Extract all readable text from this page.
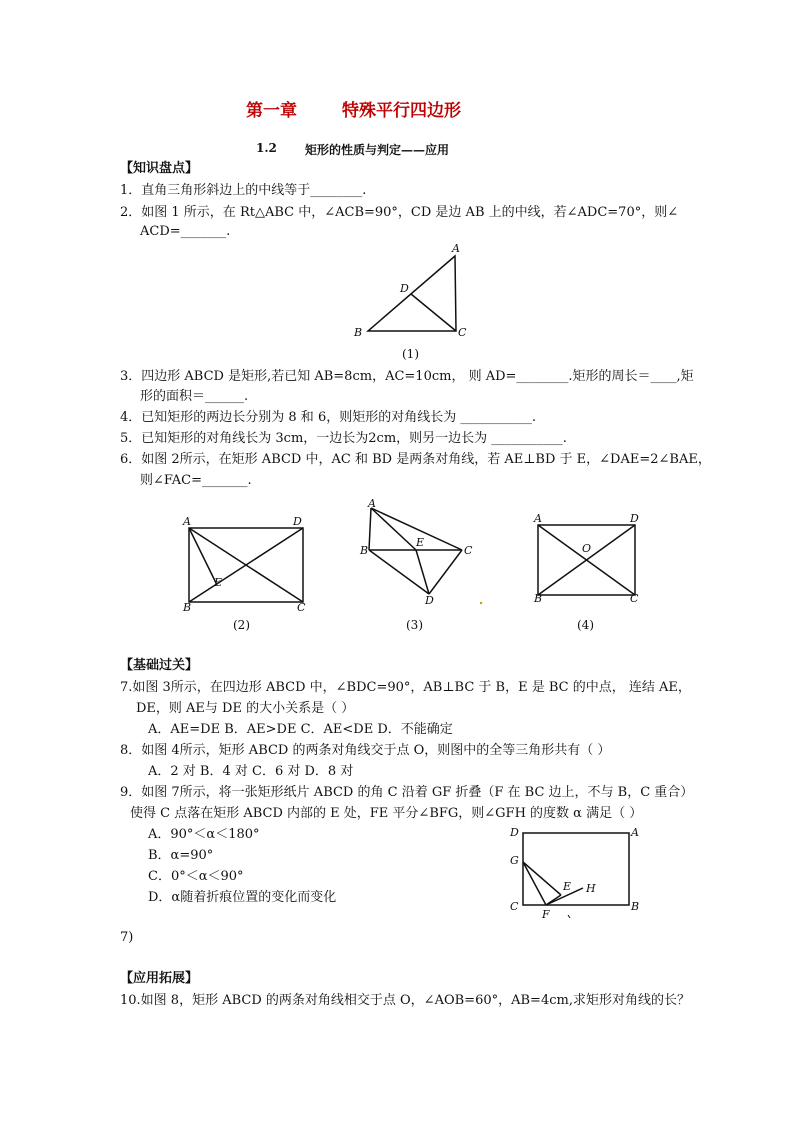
第一章	特殊平行四边形
1.2 矩形的性质与判定——应用
【知识盘点】
1．直角三角形斜边上的中线等于________.
2．如图 1 所示，在 Rt△ABC 中，∠ACB=90°，CD 是边 AB 上的中线，若∠ADC=70°，则∠
ACD=_______.
A
B	C
D
(1)
3．四边形 ABCD 是矩形,若已知 AB=8cm，AC=10cm， 则 AD=________.矩形的周长＝____,矩
形的面积＝______.
4．已知矩形的两边长分别为 8 和 6，则矩形的对角线长为 ___________.
5．已知矩形的对角线长为 3cm，一边长为2cm，则另一边长为 ___________.
6．如图 2所示，在矩形 ABCD 中，AC 和 BD 是两条对角线，若 AE⊥BD 于 E，∠DAE=2∠BAE，
则∠FAC=_______.
A	D
B	C
E
(2)
A
B	C
D
E
(3)
A	D
B	C
O
(4)
【基础过关】
7.如图 3所示，在四边形 ABCD 中，∠BDC=90°，AB⊥BC 于 B，E 是 BC 的中点， 连结 AE，
DE，则 AE与 DE 的大小关系是（ ）
A．AE=DE B．AE>DE C．AE<DE D．不能确定
8．如图 4所示，矩形 ABCD 的两条对角线交于点 O，则图中的全等三角形共有（ ）
A．2 对 B．4 对 C．6 对 D．8 对
9．如图 7所示，将一张矩形纸片 ABCD 的角 C 沿着 GF 折叠（F 在 BC 边上，不与 B，C 重合）
使得 C 点落在矩形 ABCD 内部的 E 处，FE 平分∠BFG，则∠GFH 的度数 α 满足（ ）
A．90°＜α＜180°
B．α=90°
C．0°＜α＜90°
D．α随着折痕位置的变化而变化
D	A
C	B
G
E
F
H
7)
【应用拓展】
10.如图 8，矩形 ABCD 的两条对角线相交于点 O，∠AOB=60°，AB=4cm,求矩形对角线的长？
